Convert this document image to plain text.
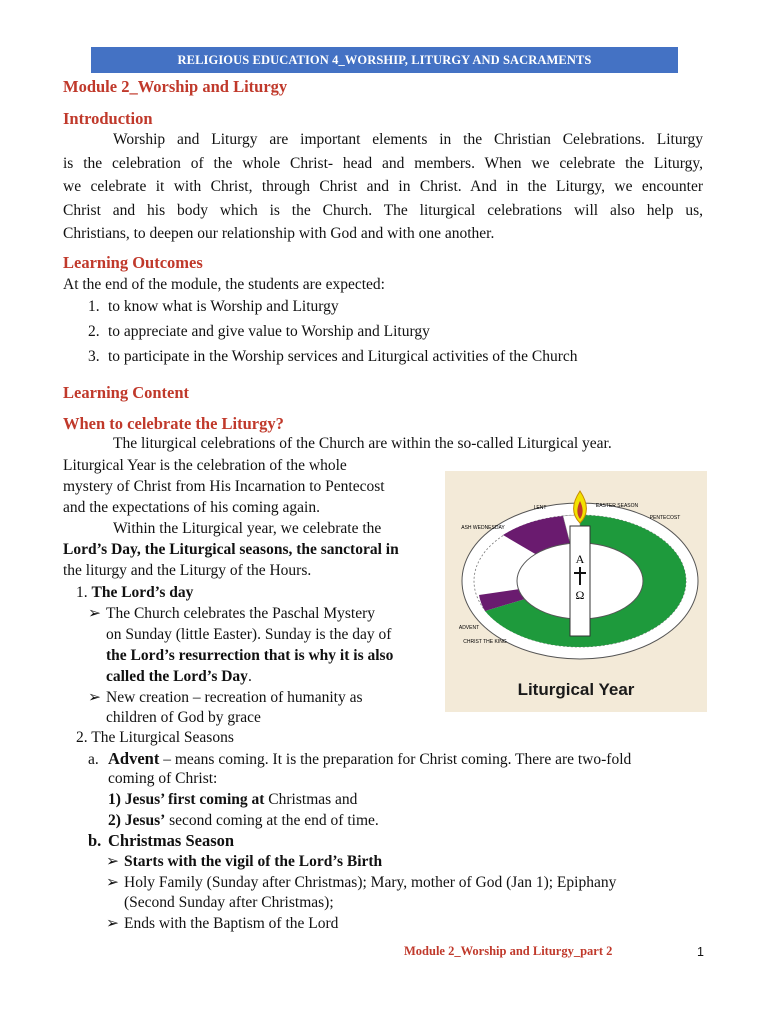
RELIGIOUS EDUCATION 4_WORSHIP, LITURGY AND SACRAMENTS
Module 2_Worship and Liturgy
Introduction
Worship and Liturgy are important elements in the Christian Celebrations. Liturgy
is the celebration of the whole Christ- head and members. When we celebrate the Liturgy,
we celebrate it with Christ, through Christ and in Christ. And in the Liturgy, we encounter
Christ and his body which is the Church. The liturgical celebrations will also help us,
Christians, to deepen our relationship with God and with one another.
Learning Outcomes
At the end of the module, the students are expected:
1. to know what is Worship and Liturgy
2. to appreciate and give value to Worship and Liturgy
3. to participate in the Worship services and Liturgical activities of the Church
Learning Content
When to celebrate the Liturgy?
The liturgical celebrations of the Church are within the so-called Liturgical year.
Liturgical Year is the celebration of the whole
mystery of Christ from His Incarnation to Pentecost
and the expectations of his coming again.
Within the Liturgical year, we celebrate the
Lord’s Day, the Liturgical seasons, the sanctoral in
the liturgy and the Liturgy of the Hours.
1. The Lord’s day
➢ The Church celebrates the Paschal Mystery
on Sunday (little Easter). Sunday is the day of
the Lord’s resurrection that is why it is also
called the Lord’s Day.
➢ New creation – recreation of humanity as
children of God by grace
2. The Liturgical Seasons
a. Advent – means coming. It is the preparation for Christ coming. There are two-fold
coming of Christ:
1) Jesus’ first coming at Christmas and
2) Jesus’ second coming at the end of time.
b. Christmas Season
➢ Starts with the vigil of the Lord’s Birth
➢ Holy Family (Sunday after Christmas); Mary, mother of God (Jan 1); Epiphany
(Second Sunday after Christmas);
➢ Ends with the Baptism of the Lord
A
Ω
LENT	EASTER SEASON
PENTECOST
ASH WEDNESDAY
ADVENT
CHRIST THE KING
Liturgical Year
Module 2_Worship and Liturgy_part 2	1
